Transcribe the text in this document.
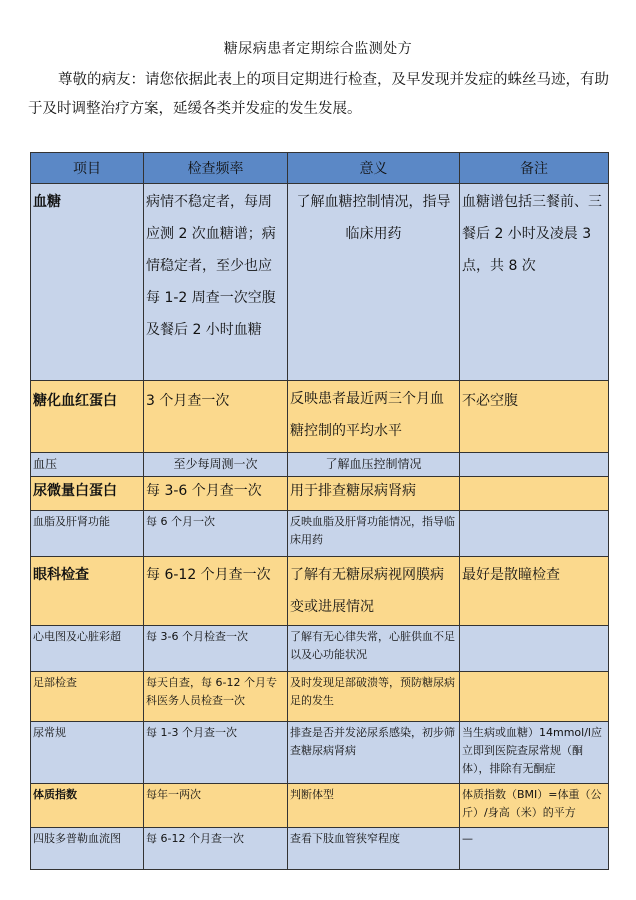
糖尿病患者定期综合监测处方
尊敬的病友：请您依据此表上的项目定期进行检查，及早发现并发症的蛛丝马迹，有助于及时调整治疗方案，延缓各类并发症的发生发展。
项目	检查频率	意义	备注
血糖	病情不稳定者，每周应测 2 次血糖谱；病情稳定者，至少也应每 1-2 周查一次空腹及餐后 2 小时血糖	了解血糖控制情况，指导临床用药	血糖谱包括三餐前、三餐后 2 小时及凌晨 3 点，共 8 次
糖化血红蛋白	3 个月查一次	反映患者最近两三个月血糖控制的平均水平	不必空腹
血压	至少每周测一次	了解血压控制情况	
尿微量白蛋白	每 3-6 个月查一次	用于排查糖尿病肾病	
血脂及肝肾功能	每 6 个月一次	反映血脂及肝肾功能情况，指导临床用药	
眼科检查	每 6-12 个月查一次	了解有无糖尿病视网膜病变或进展情况	最好是散瞳检查
心电图及心脏彩超	每 3-6 个月检查一次	了解有无心律失常，心脏供血不足以及心功能状况	
足部检查	每天自查，每 6-12 个月专科医务人员检查一次	及时发现足部破溃等，预防糖尿病足的发生	
尿常规	每 1-3 个月查一次	排查是否并发泌尿系感染，初步筛查糖尿病肾病	当生病或血糖）14mmol/l应立即到医院查尿常规（酮体），排除有无酮症
体质指数	每年一两次	判断体型	体质指数（BMI）=体重（公斤）/身高（米）的平方
四肢多普勒血流图	每 6-12 个月查一次	查看下肢血管狭窄程度	—
